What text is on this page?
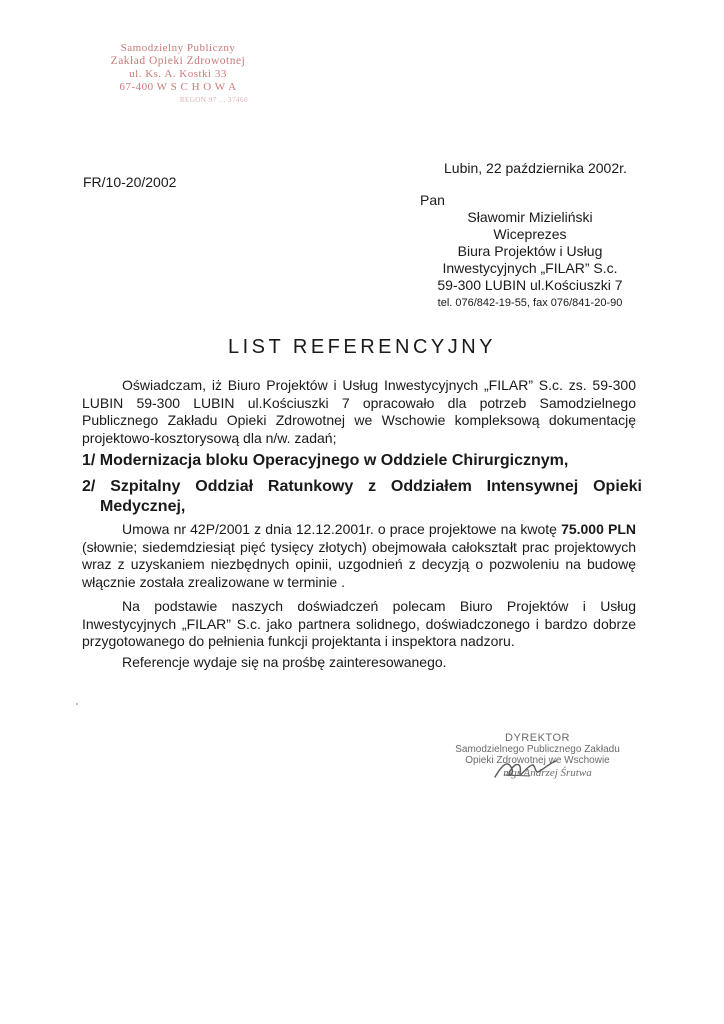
Samodzielny Publiczny
Zakład Opieki Zdrowotnej
ul. Ks. A. Kostki 33
67-400 W S C H O W A
REGON 97 ... 37460
Lubin, 22 października 2002r.
FR/10-20/2002
Pan
Sławomir Mizieliński
Wiceprezes
Biura Projektów i Usług
Inwestycyjnych „FILAR” S.c.
59-300 LUBIN ul.Kościuszki 7
tel. 076/842-19-55, fax 076/841-20-90
LIST REFERENCYJNY
Oświadczam, iż Biuro Projektów i Usług Inwestycyjnych „FILAR” S.c. zs. 59-300 LUBIN 59-300 LUBIN ul.Kościuszki 7 opracowało dla potrzeb Samodzielnego Publicznego Zakładu Opieki Zdrowotnej we Wschowie kompleksową dokumentację projektowo-kosztorysową dla n/w. zadań;
1/ Modernizacja bloku Operacyjnego w Oddziele Chirurgicznym,
2/ Szpitalny Oddział Ratunkowy z Oddziałem Intensywnej Opieki
Medycznej,
Umowa nr 42P/2001 z dnia 12.12.2001r. o prace projektowe na kwotę 75.000 PLN (słownie; siedemdziesiąt pięć tysięcy złotych) obejmowała całokształt prac projektowych wraz z uzyskaniem niezbędnych opinii, uzgodnień z decyzją o pozwoleniu na budowę włącznie została zrealizowane w terminie .
Na podstawie naszych doświadczeń polecam Biuro Projektów i Usług Inwestycyjnych „FILAR” S.c. jako partnera solidnego, doświadczonego i bardzo dobrze przygotowanego do pełnienia funkcji projektanta i inspektora nadzoru.
Referencje wydaje się na prośbę zainteresowanego.
DYREKTOR
Samodzielnego Publicznego Zakładu
Opieki Zdrowotnej we Wschowie
mgr Andrzej Śrutwa
